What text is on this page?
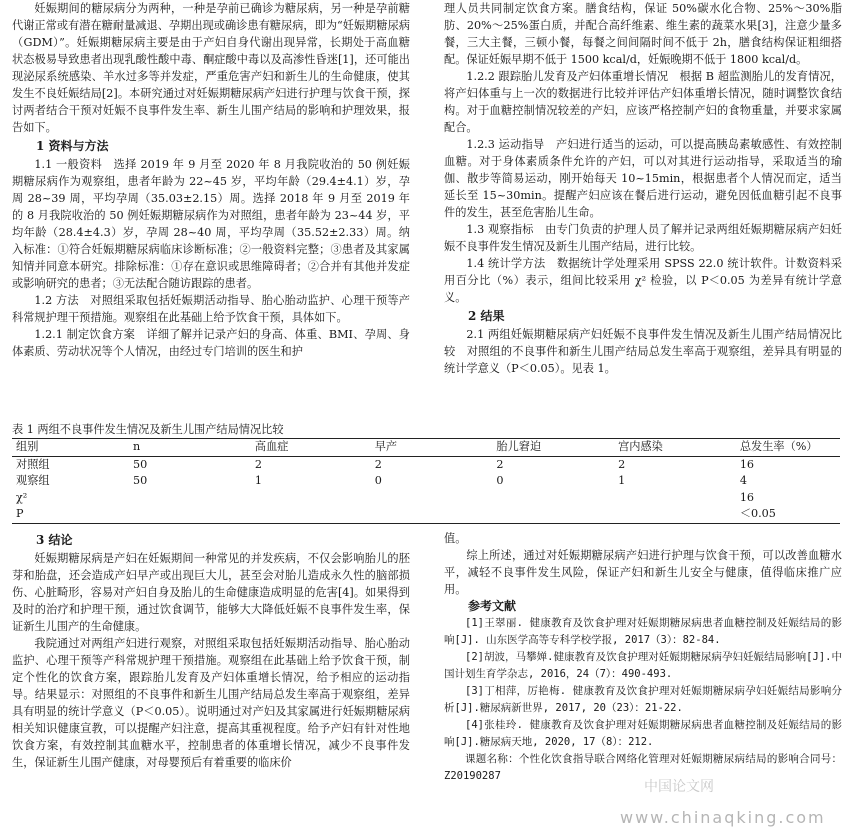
妊娠期间的糖尿病分为两种，一种是孕前已确诊为糖尿病，另一种是孕前糖代谢正常或有潜在糖耐量减退、孕期出现或确诊患有糖尿病，即为“妊娠期糖尿病（GDM）”。妊娠期糖尿病主要是由于产妇自身代谢出现异常，长期处于高血糖状态极易导致患者出现乳酸性酸中毒、酮症酸中毒以及高渗性昏迷[1]，还可能出现泌尿系统感染、羊水过多等并发症，严重危害产妇和新生儿的生命健康，使其发生不良妊娠结局[2]。本研究通过对妊娠期糖尿病产妇进行护理与饮食干预，探讨两者结合干预对妊娠不良事件发生率、新生儿围产结局的影响和护理效果，报告如下。

1 资料与方法

1.1 一般资料　选择 2019 年 9 月至 2020 年 8 月我院收治的 50 例妊娠期糖尿病作为观察组，患者年龄为 22~45 岁，平均年龄（29.4±4.1）岁，孕周 28~39 周，平均孕周（35.03±2.15）周。选择 2018 年 9 月至 2019 年的 8 月我院收治的 50 例妊娠期糖尿病作为对照组，患者年龄为 23~44 岁，平均年龄（28.4±4.3）岁，孕周 28~40 周，平均孕周（35.52±2.33）周。纳入标准：①符合妊娠期糖尿病临床诊断标准；②一般资料完整；③患者及其家属知情并同意本研究。排除标准：①存在意识或思维障碍者；②合并有其他并发症或影响研究的患者；③无法配合随访跟踪的患者。

1.2 方法　对照组采取包括妊娠期活动指导、胎心胎动监护、心理干预等产科常规护理干预措施。观察组在此基础上给予饮食干预，具体如下。

1.2.1 制定饮食方案　详细了解并记录产妇的身高、体重、BMI、孕周、身体素质、劳动状况等个人情况，由经过专门培训的医生和护

理人员共同制定饮食方案。膳食结构，保证 50%碳水化合物、25%～30%脂肪、20%～25%蛋白质，并配合高纤维素、维生素的蔬菜水果[3]，注意少量多餐，三大主餐，三顿小餐，每餐之间间隔时间不低于 2h，膳食结构保证粗细搭配。保证妊娠早期不低于 1500 kcal/d，妊娠晚期不低于 1800 kcal/d。

1.2.2 跟踪胎儿发育及产妇体重增长情况　根据 B 超监测胎儿的发育情况，将产妇体重与上一次的数据进行比较并评估产妇体重增长情况，随时调整饮食结构。对于血糖控制情况较差的产妇，应该严格控制产妇的食物重量，并要求家属配合。

1.2.3 运动指导　产妇进行适当的运动，可以提高胰岛素敏感性、有效控制血糖。对于身体素质条件允许的产妇，可以对其进行运动指导，采取适当的瑜伽、散步等简易运动，刚开始每天 10~15min，根据患者个人情况而定，适当延长至 15~30min。提醒产妇应该在餐后进行运动，避免因低血糖引起不良事件的发生，甚至危害胎儿生命。

1.3 观察指标　由专门负责的护理人员了解并记录两组妊娠期糖尿病产妇妊娠不良事件发生情况及新生儿围产结局，进行比较。

1.4 统计学方法　数据统计学处理采用 SPSS 22.0 统计软件。计数资料采用百分比（%）表示，组间比较采用 χ² 检验，以 P＜0.05 为差异有统计学意义。

2 结果

2.1 两组妊娠期糖尿病产妇妊娠不良事件发生情况及新生儿围产结局情况比较　对照组的不良事件和新生儿围产结局总发生率高于观察组，差异具有明显的统计学意义（P＜0.05）。见表 1。

表 1 两组不良事件发生情况及新生儿围产结局情况比较
组别	n	高血症	早产	胎儿窘迫	宫内感染	总发生率（%）
对照组	50	2	2	2	2	16
观察组	50	1	0	0	1	4
χ²						16
P						＜0.05
3 结论

妊娠期糖尿病是产妇在妊娠期间一种常见的并发疾病，不仅会影响胎儿的胚芽和胎盘，还会造成产妇早产或出现巨大儿，甚至会对胎儿造成永久性的脑部损伤、心脏畸形，容易对产妇自身及胎儿的生命健康造成明显的危害[4]。如果得到及时的治疗和护理干预，通过饮食调节，能够大大降低妊娠不良事件发生率，保证新生儿围产的生命健康。

我院通过对两组产妇进行观察，对照组采取包括妊娠期活动指导、胎心胎动监护、心理干预等产科常规护理干预措施。观察组在此基础上给予饮食干预，制定个性化的饮食方案，跟踪胎儿发育及产妇体重增长情况，给予相应的运动指导。结果显示：对照组的不良事件和新生儿围产结局总发生率高于观察组，差异具有明显的统计学意义（P＜0.05）。说明通过对产妇及其家属进行妊娠期糖尿病相关知识健康宣教，可以提醒产妇注意，提高其重视程度。给予产妇有针对性地饮食方案，有效控制其血糖水平，控制患者的体重增长情况，减少不良事件发生，保证新生儿围产健康，对母婴预后有着重要的临床价

值。

综上所述，通过对妊娠期糖尿病产妇进行护理与饮食干预，可以改善血糖水平，减轻不良事件发生风险，保证产妇和新生儿安全与健康，值得临床推广应用。

参考文献

[1]王翠丽. 健康教育及饮食护理对妊娠期糖尿病患者血糖控制及妊娠结局的影响[J]. 山东医学高等专科学校学报, 2017（3）：82-84.

[2]胡波，马攀婵.健康教育及饮食护理对妊娠期糖尿病孕妇妊娠结局影响[J].中国计划生育学杂志, 2016，24（7）：490-493.

[3]丁相萍，厉艳梅. 健康教育及饮食护理对妊娠期糖尿病孕妇妊娠结局影响分析[J].糖尿病新世界, 2017, 20（23）：21-22.

[4]张桂玲. 健康教育及饮食护理对妊娠期糖尿病患者血糖控制及妊娠结局的影响[J].糖尿病天地, 2020, 17（8）：212.

课题名称：个性化饮食指导联合网络化管理对妊娠期糖尿病结局的影响合同号：Z20190287

中国论文网
www.chinaqking.com
